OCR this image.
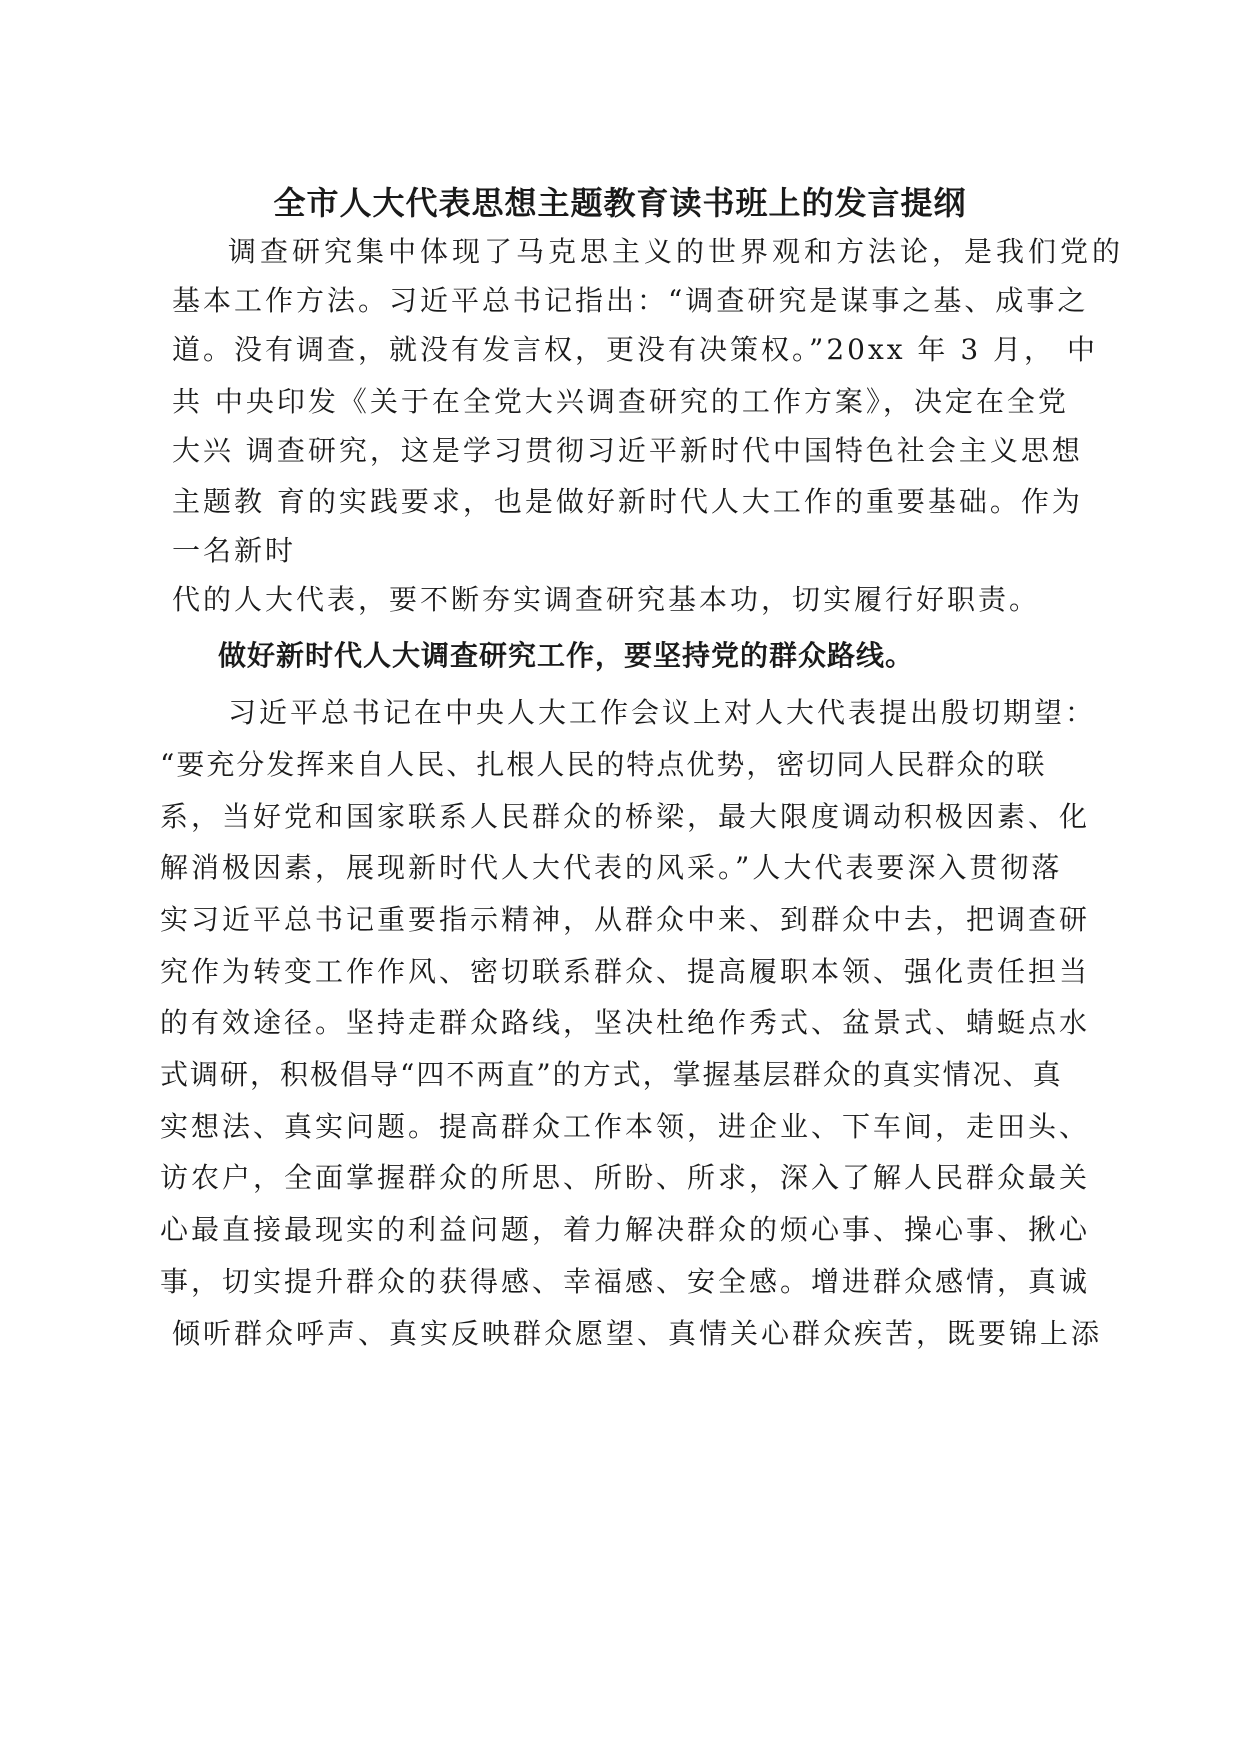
全市人大代表思想主题教育读书班上的发言提纲

调查研究集中体现了马克思主义的世界观和方法论，是我们党的

基本工作方法。习近平总书记指出：“调查研究是谋事之基、成事之

道。没有调查，就没有发言权，更没有决策权。”20xx 年 3 月， 中

共 中央印发《关于在全党大兴调查研究的工作方案》，决定在全党

大兴 调查研究，这是学习贯彻习近平新时代中国特色社会主义思想

主题教 育的实践要求，也是做好新时代人大工作的重要基础。作为

一名新时

代的人大代表，要不断夯实调查研究基本功，切实履行好职责。

做好新时代人大调查研究工作，要坚持党的群众路线。

习近平总书记在中央人大工作会议上对人大代表提出殷切期望：

“要充分发挥来自人民、扎根人民的特点优势，密切同人民群众的联

系，当好党和国家联系人民群众的桥梁，最大限度调动积极因素、化

解消极因素，展现新时代人大代表的风采。”人大代表要深入贯彻落

实习近平总书记重要指示精神，从群众中来、到群众中去，把调查研

究作为转变工作作风、密切联系群众、提高履职本领、强化责任担当

的有效途径。坚持走群众路线，坚决杜绝作秀式、盆景式、蜻蜓点水

式调研，积极倡导“四不两直”的方式，掌握基层群众的真实情况、真

实想法、真实问题。提高群众工作本领，进企业、下车间，走田头、

访农户，全面掌握群众的所思、所盼、所求，深入了解人民群众最关

心最直接最现实的利益问题，着力解决群众的烦心事、操心事、揪心

事，切实提升群众的获得感、幸福感、安全感。增进群众感情，真诚

倾听群众呼声、真实反映群众愿望、真情关心群众疾苦，既要锦上添
